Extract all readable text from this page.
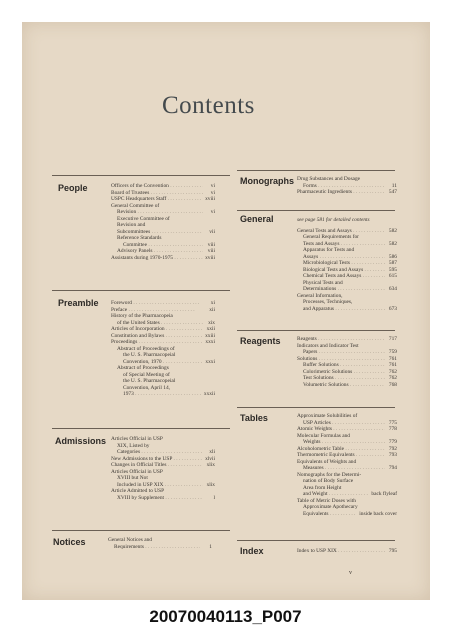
Contents
People	Officers of the Convention . . .	vi
Board of Trustees . . .	vi
USPC Headquarters Staff . . .	xviii
General Committee of
Revision . . .	vi
Executive Committee of
Revision and
Subcommittees . . .	vii
Reference Standards
Committee . . .	viii
Advisory Panels . . .	viii
Assistants during 1970-1975 . . .	xviii
Preamble Foreword . . .	xi
Preface . . .	xii
History of the Pharmacopeia
of the United States . . .	xix
Articles of Incorporation . . .	xxii
Constitution and Bylaws . . .	xxiii
Proceedings . . .	xxxi
Abstract of Proceedings of
the U. S. Pharmacopeial
Convention, 1970 . . .	xxxi
Abstract of Proceedings
of Special Meeting of
the U. S. Pharmacopeial
Convention, April 14,
1973 . . .	xxxii
Admissions Articles Official in USP
XIX, Listed by
Categories . . .	xli
New Admissions to the USP . . .	xlvii
Changes in Official Titles . . .	xlix
Articles Official in USP
XVIII but Not
Included in USP XIX . . .	xlix
Article Admitted to USP
XVIII by Supplement . . .	l
Notices	General Notices and
Requirements . . .	1
Monographs Drug Substances and Dosage
Forms . . .	11
Pharmaceutic Ingredients . . .	547
General	see page 581 for detailed contents
General Tests and Assays . . .	582
General Requirements for
Tests and Assays . . .	582
Apparatus for Tests and
Assays . . .	586
Microbiological Tests . . .	587
Biological Tests and Assays . . .	595
Chemical Tests and Assays . . .	615
Physical Tests and
Determinations . . .	634
General Information,
Processes, Techniques,
and Apparatus . . .	673
Reagents	Reagents . . .	717
Indicators and Indicator Test
Papers . . .	759
Solutions . . .	761
Buffer Solutions . . .	761
Colorimetric Solutions . . .	762
Test Solutions . . .	762
Volumetric Solutions . . .	768
Tables	Approximate Solubilities of
USP Articles . . .	775
Atomic Weights . . .	778
Molecular Formulas and
Weights . . .	779
Alcoholometric Table . . .	792
Thermometric Equivalents . . .	793
Equivalents of Weights and
Measures . . .	794
Nomographs for the Determi-
nation of Body Surface
Area from Height
and Weight . . .	back flyleaf
Table of Metric Doses with
Approximate Apothecary
Equivalents . . .	inside back cover
Index	Index to USP XIX . . .	795
v
20070040113_P007
